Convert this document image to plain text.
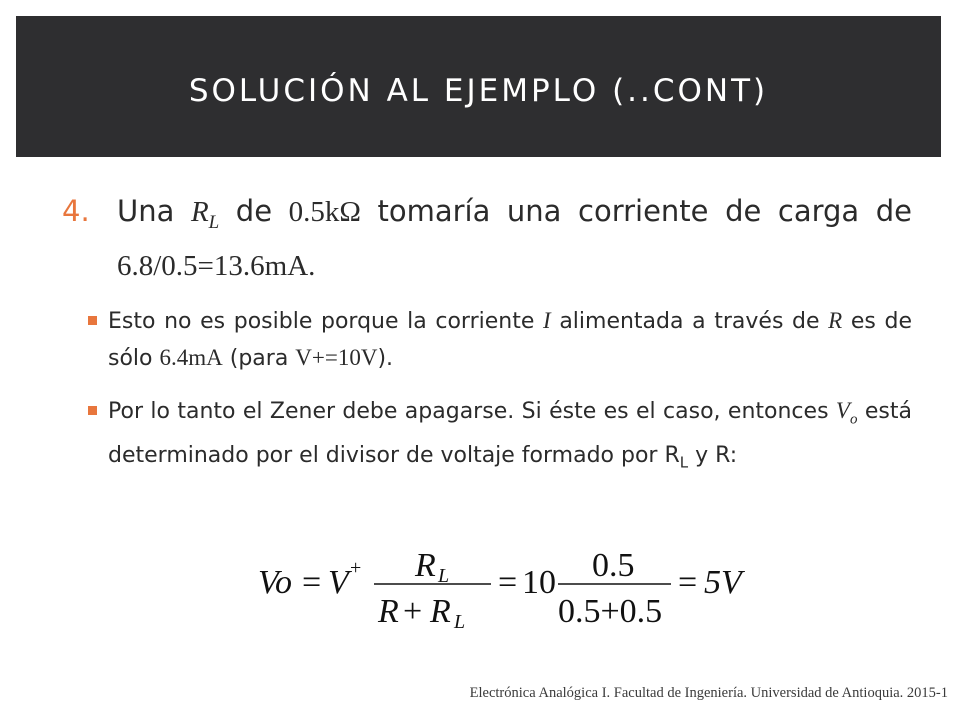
SOLUCIÓN AL EJEMPLO (..CONT)
4. Una $R_L$ de 0.5kΩ tomaría una corriente de carga de 6.8/0.5=13.6mA.
Esto no es posible porque la corriente I alimentada a través de R es de sólo 6.4mA (para V+=10V).
Por lo tanto el Zener debe apagarse. Si éste es el caso, entonces $V_o$ está determinado por el divisor de voltaje formado por $R_L$ y R:
Vo = V + R L
R + R L
= 10 0.5
0.5+0.5
= 5V
Electrónica Analógica I. Facultad de Ingeniería. Universidad de Antioquia. 2015-1
